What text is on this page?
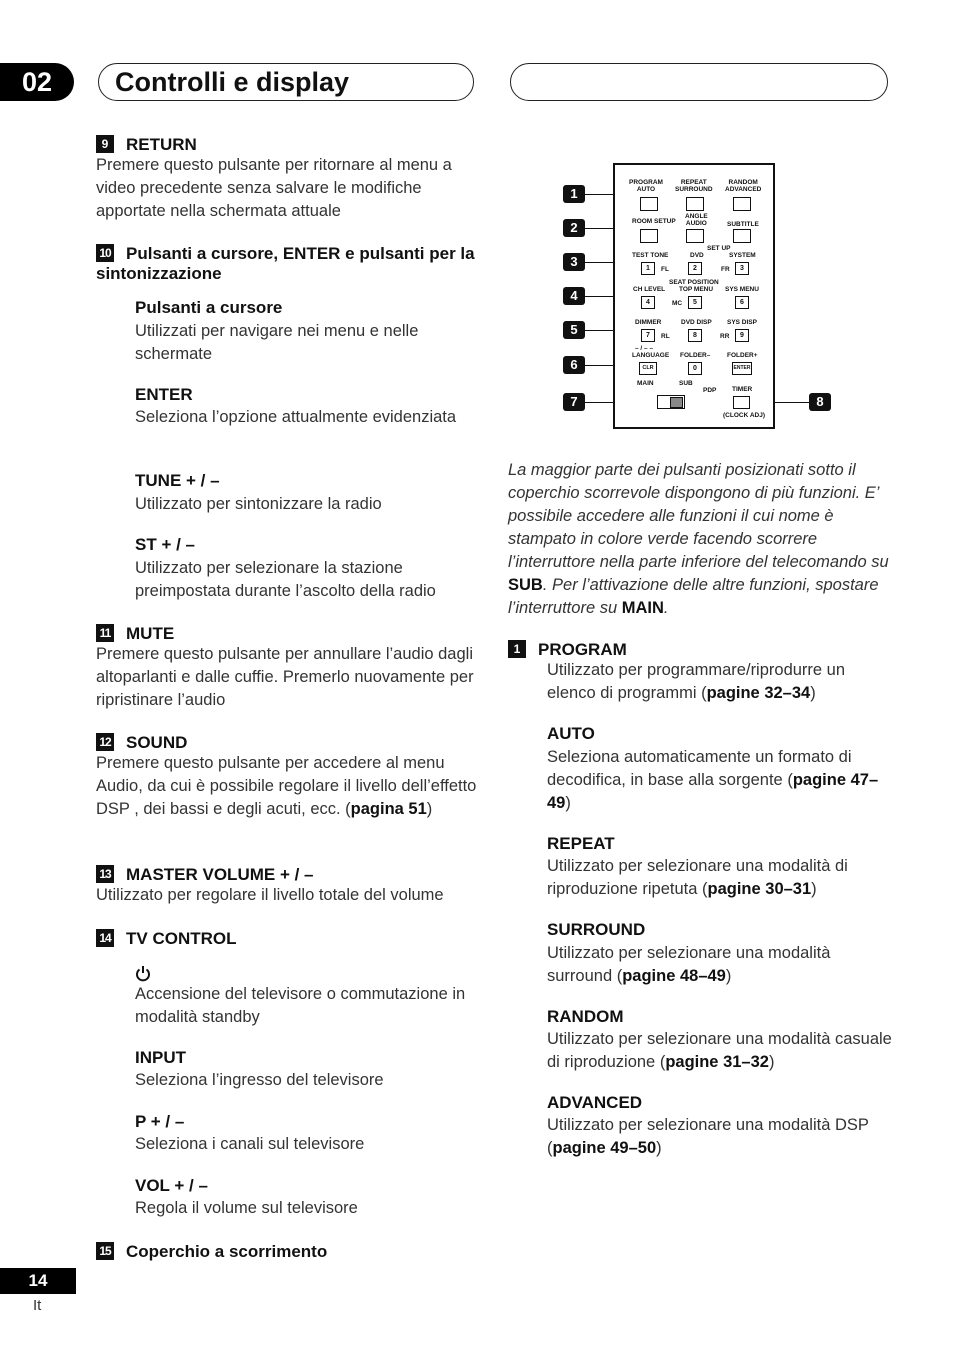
02	Controlli e display
9 RETURN
Premere questo pulsante per ritornare al menu a video precedente senza salvare le modifiche apportate nella schermata attuale
10 Pulsanti a cursore, ENTER e pulsanti per la sintonizzazione
Pulsanti a cursore
Utilizzati per navigare nei menu e nelle schermate
ENTER
Seleziona l’opzione attualmente evidenziata
TUNE + / –
Utilizzato per sintonizzare la radio
ST + / –
Utilizzato per selezionare la stazione preimpostata durante l’ascolto della radio
11 MUTE
Premere questo pulsante per annullare l’audio dagli altoparlanti e dalle cuffie. Premerlo nuovamente per ripristinare l’audio
12 SOUND
Premere questo pulsante per accedere al menu Audio, da cui è possibile regolare il livello dell’effetto DSP , dei bassi e degli acuti, ecc. (pagina 51)
13 MASTER VOLUME + / –
Utilizzato per regolare il livello totale del volume
14 TV CONTROL
Accensione del televisore o commutazione in modalità standby
INPUT
Seleziona l’ingresso del televisore
P + / –
Seleziona i canali sul televisore
VOL + / –
Regola il volume sul televisore
15 Coperchio a scorrimento
1
2
3
4
5
6
7	8
PROGRAM
AUTO
REPEAT
SURROUND
RANDOM
ADVANCED
ROOM SETUP
ANGLE
AUDIO	SUBTITLE
SET UP
TEST TONE	DVD	SYSTEM
1	FL	2	FR	3
SEAT POSITION
CH LEVEL TOP MENU SYS MENU
4	MC	5	6
DIMMER	DVD DISP SYS DISP
7	RL	8	RR	9
– / – –
LANGUAGE FOLDER–	FOLDER+
CLR	0	ENTER
MAIN	SUB
PDP TIMER
(CLOCK ADJ)
La maggior parte dei pulsanti posizionati sotto il coperchio scorrevole dispongono di più funzioni. E’ possibile accedere alle funzioni il cui nome è stampato in colore verde facendo scorrere l’interruttore nella parte inferiore del telecomando su SUB. Per l’attivazione delle altre funzioni, spostare l’interruttore su MAIN.
1 PROGRAM
Utilizzato per programmare/riprodurre un elenco di programmi (pagine 32–34)
AUTO
Seleziona automaticamente un formato di decodifica, in base alla sorgente (pagine 47–49)
REPEAT
Utilizzato per selezionare una modalità di riproduzione ripetuta (pagine 30–31)
SURROUND
Utilizzato per selezionare una modalità surround (pagine 48–49)
RANDOM
Utilizzato per selezionare una modalità casuale di riproduzione (pagine 31–32)
ADVANCED
Utilizzato per selezionare una modalità DSP (pagine 49–50)
14
It
